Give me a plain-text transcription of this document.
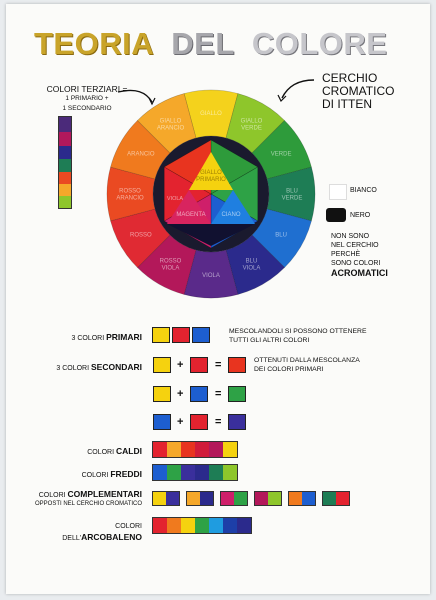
TEORIA DEL COLORE
COLORI TERZIARI =
1 PRIMARIO +
1 SECONDARIO
CERCHIO
CROMATICO
DI ITTEN
GIALLO
GIALLO VERDE
VERDE
BLU VERDE
BLU
BLU VIOLA
VIOLA
ROSSO VIOLA
ROSSO
ROSSO ARANCIO
ARANCIO
GIALLO ARANCIO
GIALLO
PRIMARIO
MAGENTA	CIANO
VIOLA
BIANCO
NERO
NON SONO
NEL CERCHIO
PERCHÈ
SONO COLORI
ACROMATICI
3 COLORI PRIMARI
MESCOLANDOLI SI POSSONO OTTENERE
TUTTI GLI ALTRI COLORI
3 COLORI SECONDARI	+	=	OTTENUTI DALLA MESCOLANZA
DEI COLORI PRIMARI
+	=
+	=
COLORI CALDI
COLORI FREDDI
COLORI COMPLEMENTARI
OPPOSTI NEL CERCHIO CROMATICO
COLORI DELL'ARCOBALENO
